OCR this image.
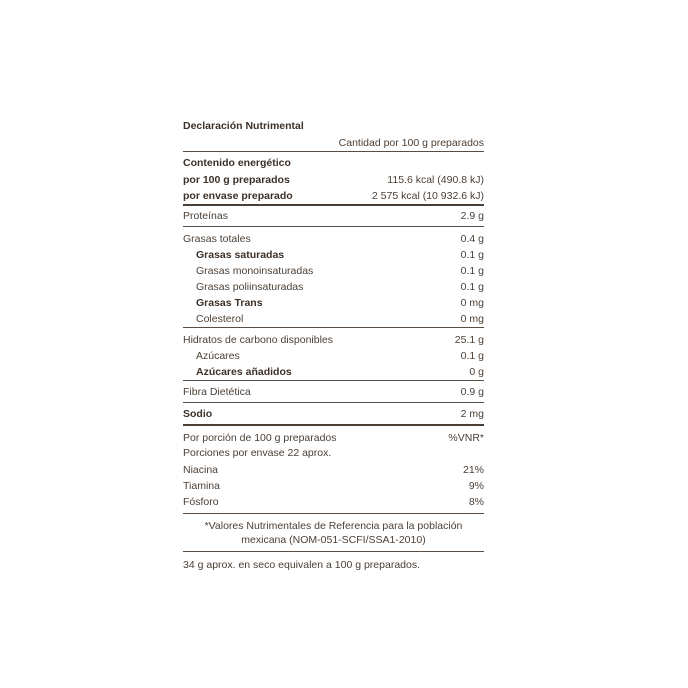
Declaración Nutrimental
Cantidad por 100 g preparados
Contenido energético
por 100 g preparados	115.6 kcal (490.8 kJ)
por envase preparado	2 575 kcal (10 932.6 kJ)
Proteínas	2.9 g
Grasas totales	0.4 g
Grasas saturadas	0.1 g
Grasas monoinsaturadas	0.1 g
Grasas poliinsaturadas	0.1 g
Grasas Trans	0 mg
Colesterol	0 mg
Hidratos de carbono disponibles	25.1 g
Azúcares	0.1 g
Azúcares añadidos	0 g
Fibra Dietética	0.9 g
Sodio	2 mg
Por porción de 100 g preparados	%VNR*
Porciones por envase 22 aprox.
Niacina	21%
Tiamina	9%
Fósforo	8%
*Valores Nutrimentales de Referencia para la población mexicana (NOM-051-SCFI/SSA1-2010)
34 g aprox. en seco equivalen a 100 g preparados.
